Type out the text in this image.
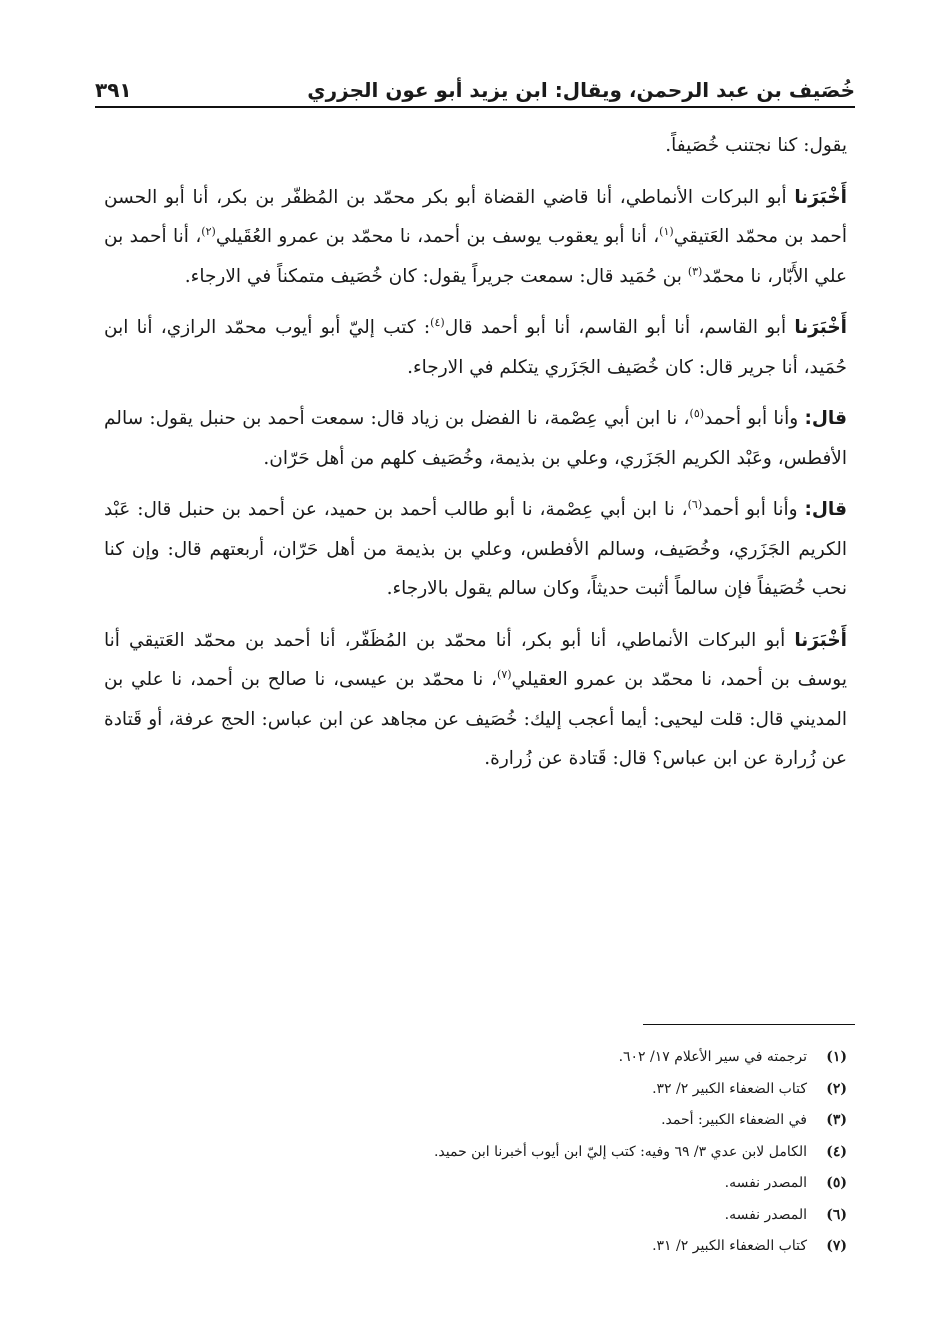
خُصَيف بن عبد الرحمن، ويقال: ابن يزيد أبو عون الجزري
٣٩١

يقول: كنا نجتنب خُصَيفاً.

أَخْبَرَنا أبو البركات الأنماطي، أنا قاضي القضاة أبو بكر محمّد بن المُظفّر بن بكر، أنا أبو الحسن أحمد بن محمّد العَتيقي$^{(١)}$، أنا أبو يعقوب يوسف بن أحمد، نا محمّد بن عمرو العُقَيلي$^{(٢)}$، أنا أحمد بن علي الأَبّار، نا محمّد$^{(٣)}$ بن حُمَيد قال: سمعت جريراً يقول: كان خُصَيف متمكناً في الارجاء.

أَخْبَرَنا أبو القاسم، أنا أبو القاسم، أنا أبو أحمد قال$^{(٤)}$: كتب إليّ أبو أيوب محمّد الرازي، أنا ابن حُمَيد، أنا جرير قال: كان خُصَيف الجَزَري يتكلم في الارجاء.

قال: وأنا أبو أحمد$^{(٥)}$، نا ابن أبي عِصْمة، نا الفضل بن زياد قال: سمعت أحمد بن حنبل يقول: سالم الأفطس، وعَبْد الكريم الجَزَري، وعلي بن بذيمة، وخُصَيف كلهم من أهل حَرّان.

قال: وأنا أبو أحمد$^{(٦)}$، نا ابن أبي عِصْمة، نا أبو طالب أحمد بن حميد، عن أحمد بن حنبل قال: عَبْد الكريم الجَزَري، وخُصَيف، وسالم الأفطس، وعلي بن بذيمة من أهل حَرّان، أربعتهم قال: وإن كنا نحب خُصَيفاً فإن سالماً أثبت حديثاً، وكان سالم يقول بالارجاء.

أَخْبَرَنا أبو البركات الأنماطي، أنا أبو بكر، أنا محمّد بن المُظَفّر، أنا أحمد بن محمّد العَتيقي أنا يوسف بن أحمد، نا محمّد بن عمرو العقيلي$^{(٧)}$، نا محمّد بن عيسى، نا صالح بن أحمد، نا علي بن المديني قال: قلت ليحيى: أيما أعجب إليك: خُصَيف عن مجاهد عن ابن عباس: الحج عرفة، أو قَتادة عن زُرارة عن ابن عباس؟ قال: قَتادة عن زُرارة.

(١)
ترجمته في سير الأعلام ١٧/ ٦٠٢.
(٢)
كتاب الضعفاء الكبير ٢/ ٣٢.
(٣)
في الضعفاء الكبير: أحمد.
(٤)
الكامل لابن عدي ٣/ ٦٩ وفيه: كتب إليّ ابن أيوب أخبرنا ابن حميد.
(٥)
المصدر نفسه.
(٦)
المصدر نفسه.
(٧)
كتاب الضعفاء الكبير ٢/ ٣١.
